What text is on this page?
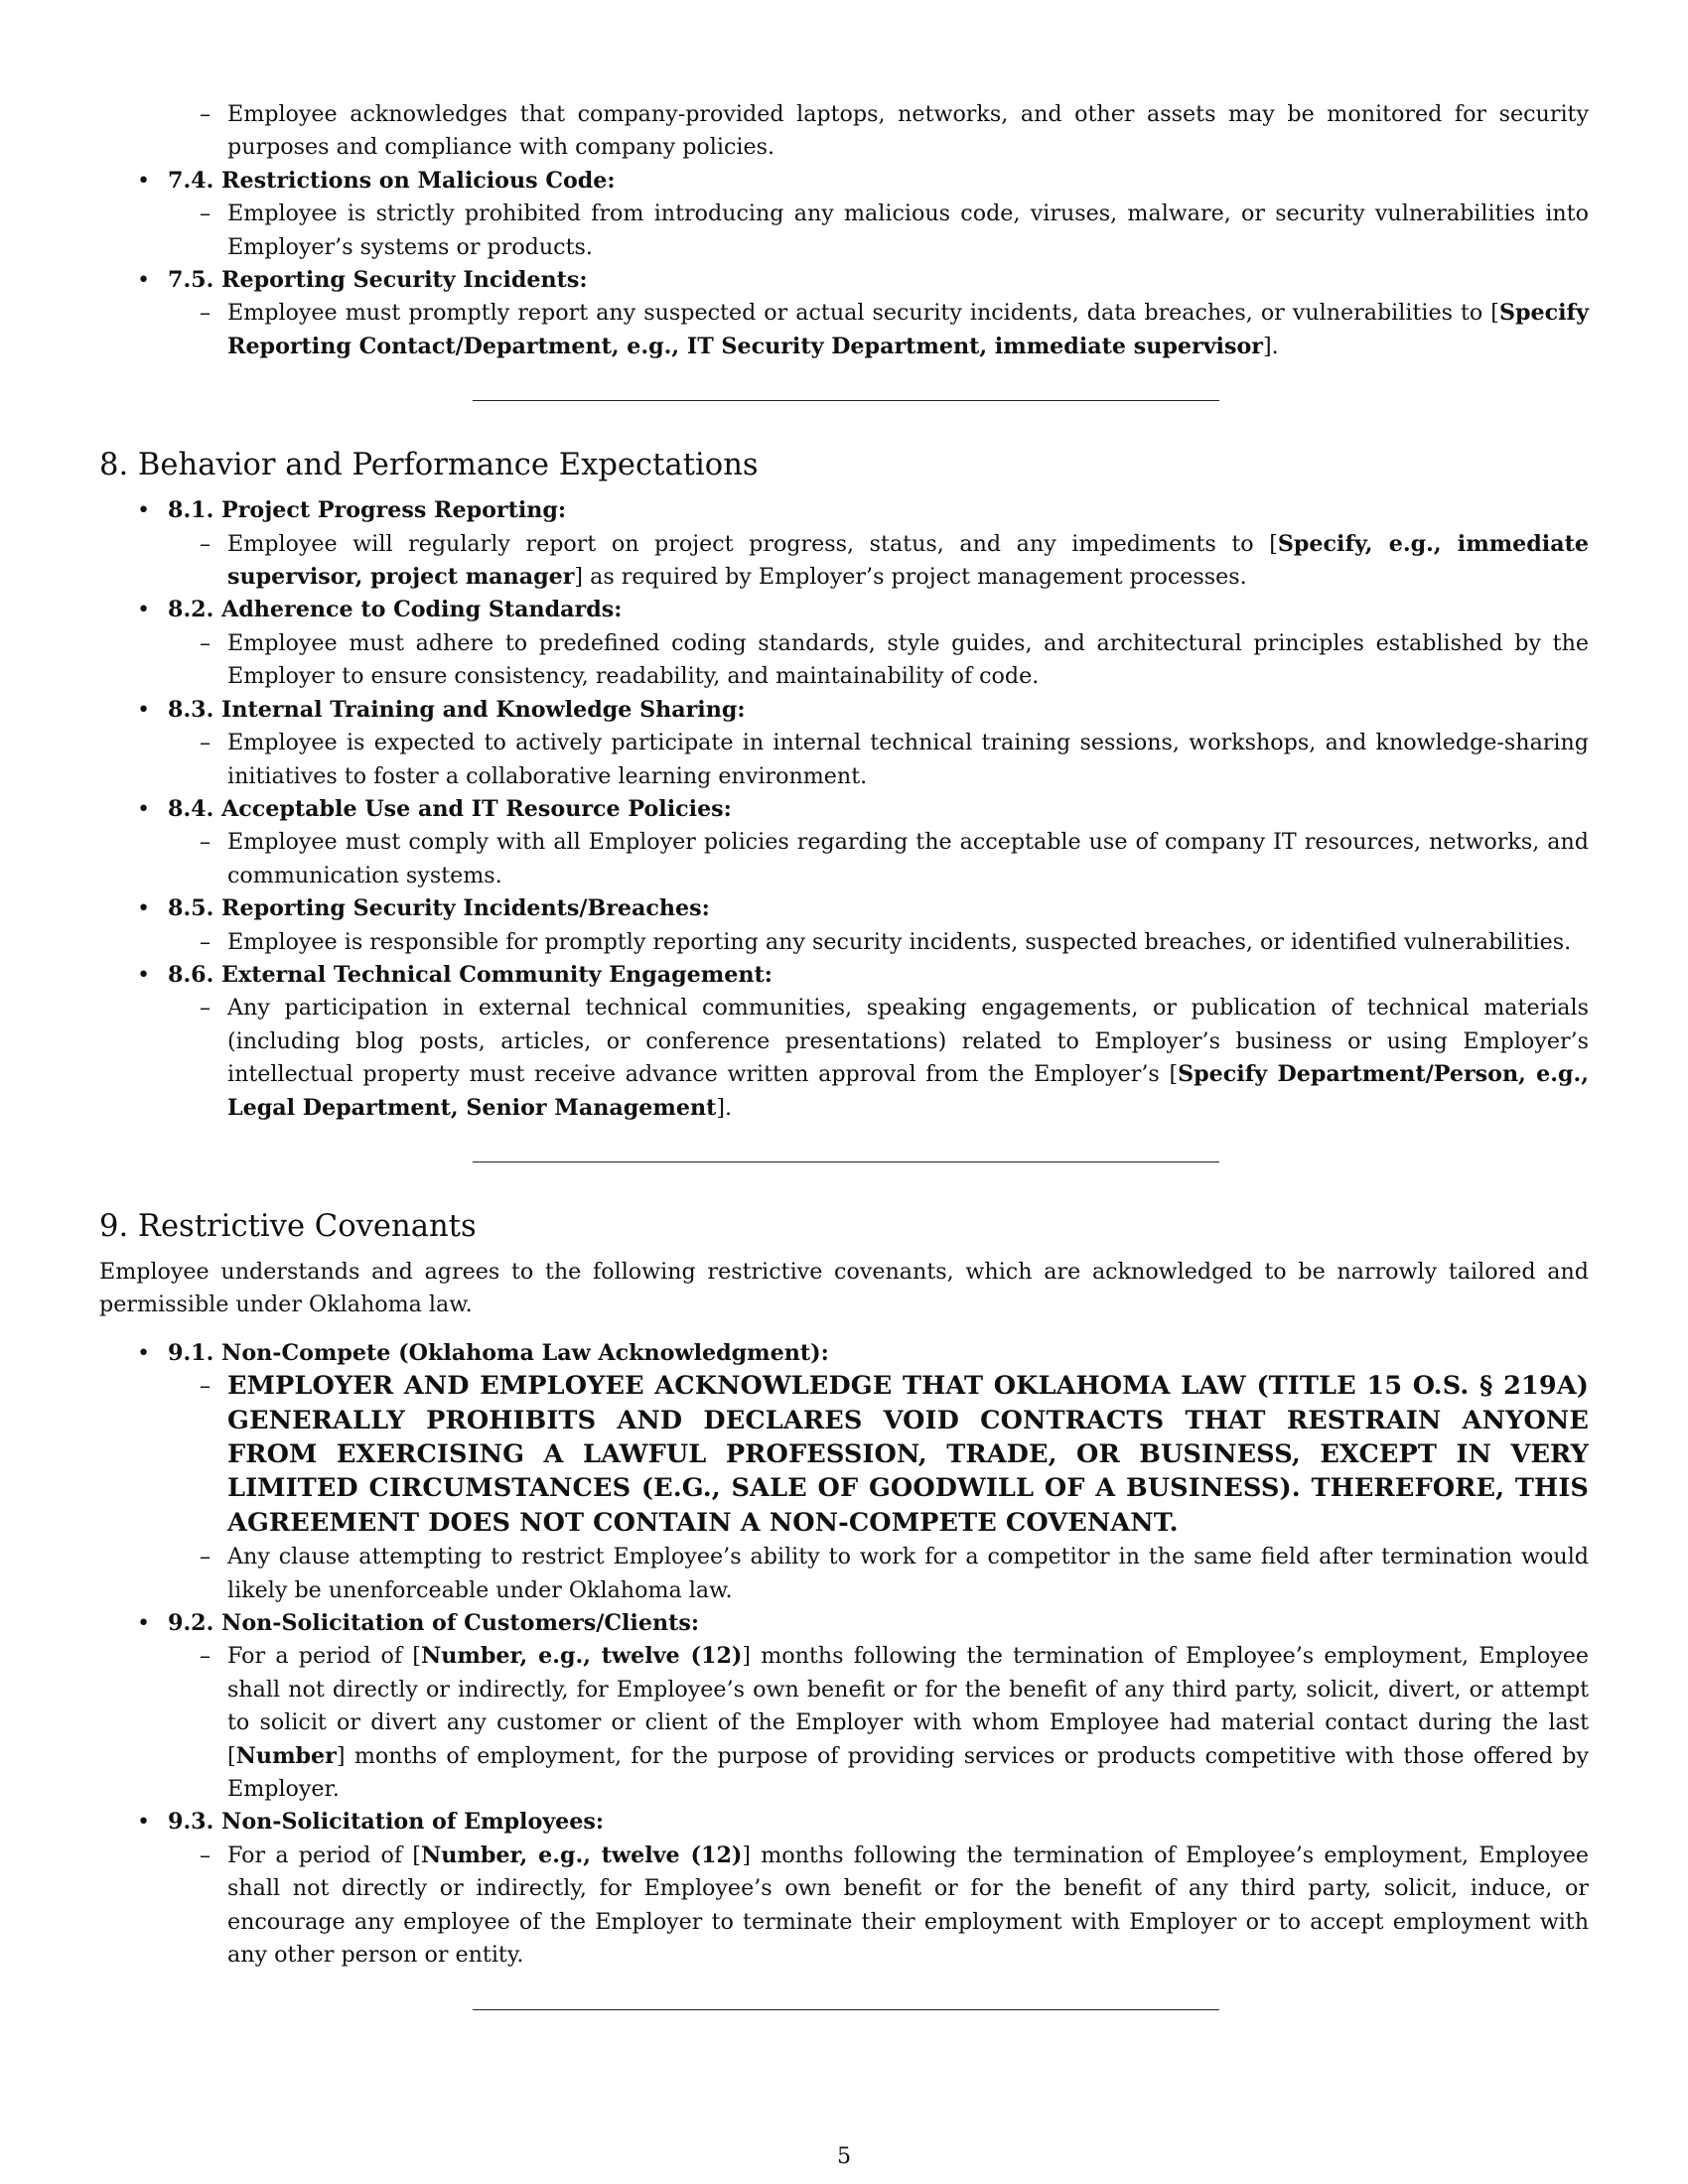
– Employee acknowledges that company-provided laptops, networks, and other assets may be monitored for security purposes and compliance with company policies.
• 7.4. Restrictions on Malicious Code:
– Employee is strictly prohibited from introducing any malicious code, viruses, malware, or security vulnerabilities into Employer’s systems or products.
• 7.5. Reporting Security Incidents:
– Employee must promptly report any suspected or actual security incidents, data breaches, or vulnerabilities to [Specify Reporting Contact/Department, e.g., IT Security Department, immediate supervisor].
8. Behavior and Performance Expectations
• 8.1. Project Progress Reporting:
– Employee will regularly report on project progress, status, and any impediments to [Specify, e.g., immediate supervisor, project manager] as required by Employer’s project management processes.
• 8.2. Adherence to Coding Standards:
– Employee must adhere to predefined coding standards, style guides, and architectural principles established by the Employer to ensure consistency, readability, and maintainability of code.
• 8.3. Internal Training and Knowledge Sharing:
– Employee is expected to actively participate in internal technical training sessions, workshops, and knowledge-sharing initiatives to foster a collaborative learning environment.
• 8.4. Acceptable Use and IT Resource Policies:
– Employee must comply with all Employer policies regarding the acceptable use of company IT resources, networks, and communication systems.
• 8.5. Reporting Security Incidents/Breaches:
– Employee is responsible for promptly reporting any security incidents, suspected breaches, or identified vulnerabilities.
• 8.6. External Technical Community Engagement:
– Any participation in external technical communities, speaking engagements, or publication of technical materials (including blog posts, articles, or conference presentations) related to Employer’s business or using Employer’s intellectual property must receive advance written approval from the Employer’s [Specify Department/Person, e.g., Legal Department, Senior Management].
9. Restrictive Covenants

Employee understands and agrees to the following restrictive covenants, which are acknowledged to be narrowly tailored and permissible under Oklahoma law.

• 9.1. Non-Compete (Oklahoma Law Acknowledgment):
– EMPLOYER AND EMPLOYEE ACKNOWLEDGE THAT OKLAHOMA LAW (TITLE 15 O.S. § 219A) GENERALLY PROHIBITS AND DECLARES VOID CONTRACTS THAT RESTRAIN ANYONE FROM EXERCISING A LAWFUL PROFESSION, TRADE, OR BUSINESS, EXCEPT IN VERY LIMITED CIRCUMSTANCES (E.G., SALE OF GOODWILL OF A BUSINESS). THEREFORE, THIS AGREEMENT DOES NOT CONTAIN A NON-COMPETE COVENANT.
– Any clause attempting to restrict Employee’s ability to work for a competitor in the same field after termination would likely be unenforceable under Oklahoma law.
• 9.2. Non-Solicitation of Customers/Clients:
– For a period of [Number, e.g., twelve (12)] months following the termination of Employee’s employment, Employee shall not directly or indirectly, for Employee’s own benefit or for the benefit of any third party, solicit, divert, or attempt to solicit or divert any customer or client of the Employer with whom Employee had material contact during the last [Number] months of employment, for the purpose of providing services or products competitive with those offered by Employer.
• 9.3. Non-Solicitation of Employees:
– For a period of [Number, e.g., twelve (12)] months following the termination of Employee’s employment, Employee shall not directly or indirectly, for Employee’s own benefit or for the benefit of any third party, solicit, induce, or encourage any employee of the Employer to terminate their employment with Employer or to accept employment with any other person or entity.
5
